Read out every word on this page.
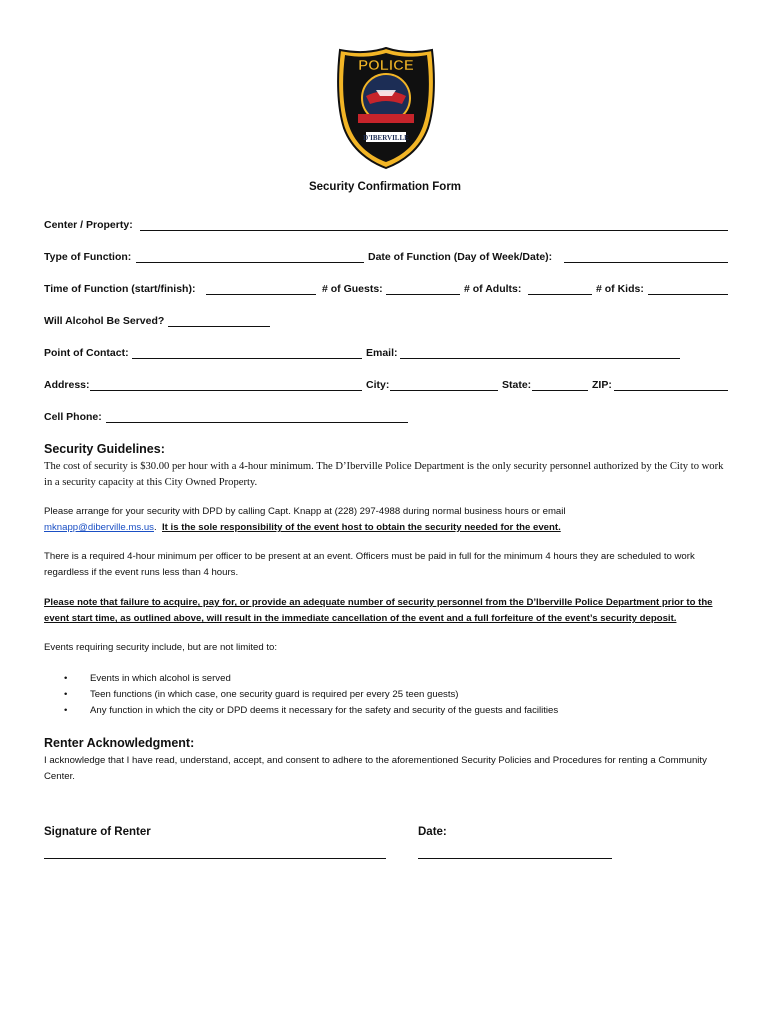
POLICE
D'IBERVILLE
Security Confirmation Form
Center / Property:
Type of Function:	Date of Function (Day of Week/Date):
Time of Function (start/finish):	# of Guests:	# of Adults:	# of Kids:
Will Alcohol Be Served?
Point of Contact:	Email:
Address:	City:	State:	ZIP:
Cell Phone:
Security Guidelines:
The cost of security is $30.00 per hour with a 4-hour minimum. The D’Iberville Police Department is the only security personnel authorized by the City to work in a security capacity at this City Owned Property.
Please arrange for your security with DPD by calling Capt. Knapp at (228) 297-4988 during normal business hours or email
mknapp@diberville.ms.us. It is the sole responsibility of the event host to obtain the security needed for the event.
There is a required 4-hour minimum per officer to be present at an event. Officers must be paid in full for the minimum 4 hours they are scheduled to work regardless if the event runs less than 4 hours.
Please note that failure to acquire, pay for, or provide an adequate number of security personnel from the D’Iberville Police Department prior to the event start time, as outlined above, will result in the immediate cancellation of the event and a full forfeiture of the event’s security deposit.
Events requiring security include, but are not limited to:
• Events in which alcohol is served
• Teen functions (in which case, one security guard is required per every 25 teen guests)
• Any function in which the city or DPD deems it necessary for the safety and security of the guests and facilities
Renter Acknowledgment:
I acknowledge that I have read, understand, accept, and consent to adhere to the aforementioned Security Policies and Procedures for renting a Community Center.
Signature of Renter	Date:
